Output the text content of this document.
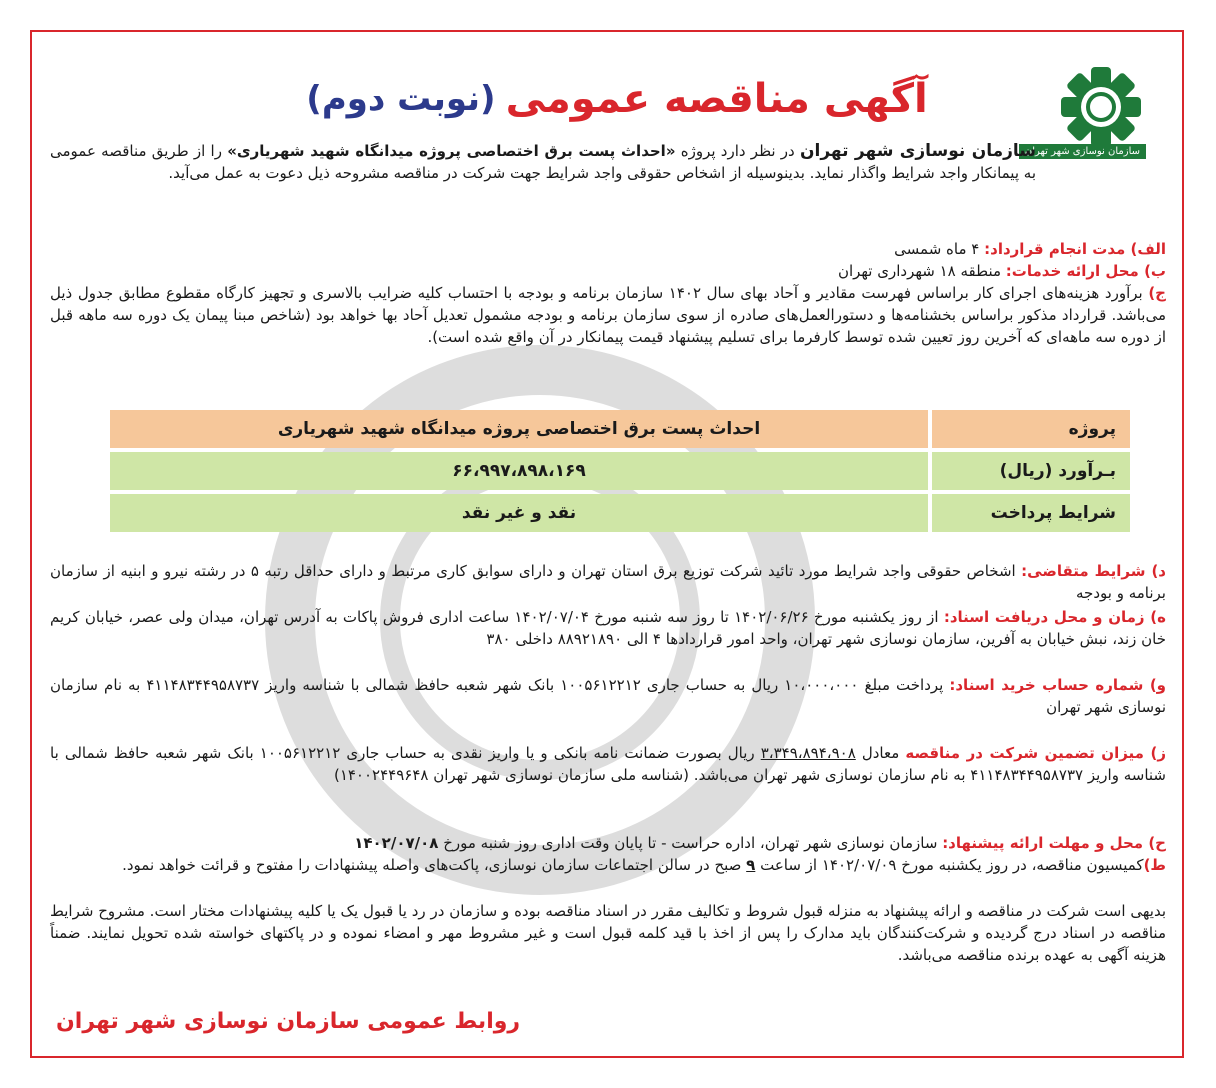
سازمان نوسازی شهر تهران
آگهی مناقصه عمومی
(نوبت دوم)
سازمان نوسازی شهر تهران در نظر دارد پروژه «احداث پست برق اختصاصی پروژه میدانگاه شهید شهریاری» را از طریق مناقصه عمومی به پیمانکار واجد شرایط واگذار نماید. بدینوسیله از اشخاص حقوقی واجد شرایط جهت شرکت در مناقصه مشروحه ذیل دعوت به عمل می‌آید.
الف) مدت انجام قرارداد: ۴ ماه شمسی
ب) محل ارائه خدمات: منطقه ۱۸ شهرداری تهران
ج) برآورد هزینه‌های اجرای کار براساس فهرست مقادیر و آحاد بهای سال ۱۴۰۲ سازمان برنامه و بودجه با احتساب کلیه ضرایب بالاسری و تجهیز کارگاه مقطوع مطابق جدول ذیل می‌باشد. قرارداد مذکور براساس بخشنامه‌ها و دستورالعمل‌های صادره از سوی سازمان برنامه و بودجه مشمول تعدیل آحاد بها خواهد بود (شاخص مبنا پیمان یک دوره سه ماهه قبل از دوره سه ماهه‌ای که آخرین روز تعیین شده توسط کارفرما برای تسلیم پیشنهاد قیمت پیمانکار در آن واقع شده است).
پروژه	احداث پست برق اختصاصی پروژه میدانگاه شهید شهریاری
بـرآورد (ریال)	۶۶،۹۹۷،۸۹۸،۱۶۹
شرایط پرداخت	نقد و غیر نقد
د) شرایط متقاضی: اشخاص حقوقی واجد شرایط مورد تائید شرکت توزیع برق استان تهران و دارای سوابق کاری مرتبط و دارای حداقل رتبه ۵ در رشته نیرو و ابنیه از سازمان برنامه و بودجه
ه) زمان و محل دریافت اسناد: از روز یکشنبه مورخ ۱۴۰۲/۰۶/۲۶ تا روز سه شنبه مورخ ۱۴۰۲/۰۷/۰۴ ساعت اداری فروش پاکات به آدرس تهران، میدان ولی عصر، خیابان کریم خان زند، نبش خیابان به آفرین، سازمان نوسازی شهر تهران، واحد امور قراردادها ۴ الی ۸۸۹۲۱۸۹۰ داخلی ۳۸۰
و) شماره حساب خرید اسناد: پرداخت مبلغ ۱۰،۰۰۰،۰۰۰ ریال به حساب جاری ۱۰۰۵۶۱۲۲۱۲ بانک شهر شعبه حافظ شمالی با شناسه واریز ۴۱۱۴۸۳۴۴۹۵۸۷۳۷ به نام سازمان نوسازی شهر تهران
ز) میزان تضمین شرکت در مناقصه معادل ۳،۳۴۹،۸۹۴،۹۰۸ ریال بصورت ضمانت نامه بانکی و یا واریز نقدی به حساب جاری ۱۰۰۵۶۱۲۲۱۲ بانک شهر شعبه حافظ شمالی با شناسه واریز ۴۱۱۴۸۳۴۴۹۵۸۷۳۷ به نام سازمان نوسازی شهر تهران می‌باشد. (شناسه ملی سازمان نوسازی شهر تهران ۱۴۰۰۲۴۴۹۶۴۸)
ح) محل و مهلت ارائه پیشنهاد: سازمان نوسازی شهر تهران، اداره حراست - تا پایان وقت اداری روز شنبه مورخ ۱۴۰۲/۰۷/۰۸
ط)کمیسیون مناقصه، در روز یکشنبه مورخ ۱۴۰۲/۰۷/۰۹ از ساعت ۹ صبح در سالن اجتماعات سازمان نوسازی، پاکت‌های واصله پیشنهادات را مفتوح و قرائت خواهد نمود.
بدیهی است شرکت در مناقصه و ارائه پیشنهاد به منزله قبول شروط و تکالیف مقرر در اسناد مناقصه بوده و سازمان در رد یا قبول یک یا کلیه پیشنهادات مختار است. مشروح شرایط مناقصه در اسناد درج گردیده و شرکت‌کنندگان باید مدارک را پس از اخذ با قید کلمه قبول است و غیر مشروط مهر و امضاء نموده و در پاکتهای خواسته شده تحویل نمایند. ضمناً هزینه آگهی به عهده برنده مناقصه می‌باشد.
روابط عمومی سازمان نوسازی شهر تهران
